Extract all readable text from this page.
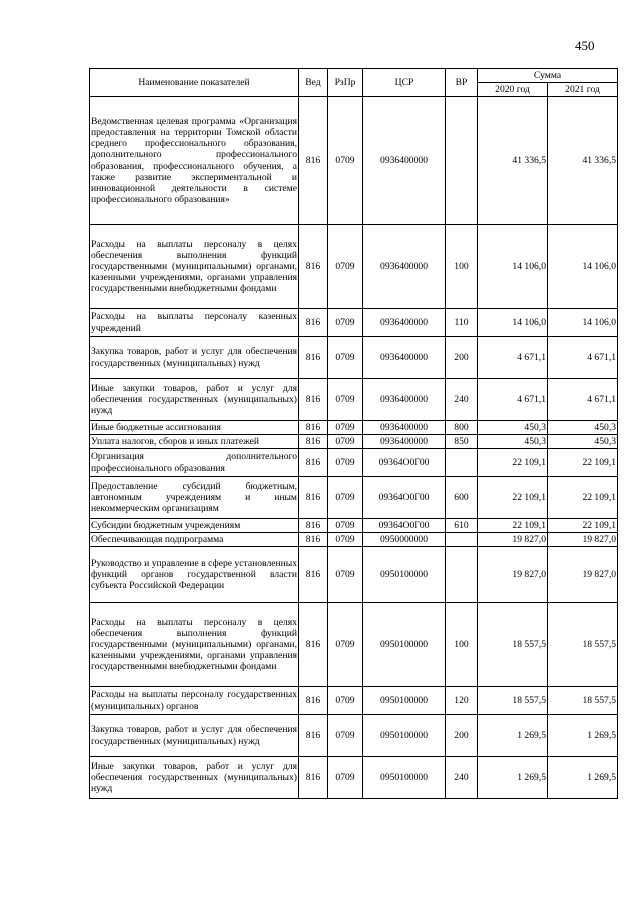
450
Наименование показателей	Вед	РзПр	ЦСР	ВР	Сумма	
					2020 год	2021 год
Ведомственная целевая программа «Организация предоставления на территории Томской области среднего профессионального образования, дополнительного профессионального образования, профессионального обучения, а также развитие экспериментальной и инновационной деятельности в системе профессионального образования»	816	0709	0936400000		41 336,5	41 336,5
Расходы на выплаты персоналу в целях обеспечения выполнения функций государственными (муниципальными) органами, казенными учреждениями, органами управления государственными внебюджетными фондами	816	0709	0936400000	100	14 106,0	14 106,0
Расходы на выплаты персоналу казенных учреждений	816	0709	0936400000	110	14 106,0	14 106,0
Закупка товаров, работ и услуг для обеспечения государственных (муниципальных) нужд	816	0709	0936400000	200	4 671,1	4 671,1
Иные закупки товаров, работ и услуг для обеспечения государственных (муниципальных) нужд	816	0709	0936400000	240	4 671,1	4 671,1
Иные бюджетные ассигнования	816	0709	0936400000	800	450,3	450,3
Уплата налогов, сборов и иных платежей	816	0709	0936400000	850	450,3	450,3
Организация дополнительного профессионального образования	816	0709	09364О0Г00		22 109,1	22 109,1
Предоставление субсидий бюджетным, автономным учреждениям и иным некоммерческим организациям	816	0709	09364О0Г00	600	22 109,1	22 109,1
Субсидии бюджетным учреждениям	816	0709	09364О0Г00	610	22 109,1	22 109,1
Обеспечивающая подпрограмма	816	0709	0950000000		19 827,0	19 827,0
Руководство и управление в сфере установленных функций органов государственной власти субъекта Российской Федерации	816	0709	0950100000		19 827,0	19 827,0
Расходы на выплаты персоналу в целях обеспечения выполнения функций государственными (муниципальными) органами, казенными учреждениями, органами управления государственными внебюджетными фондами	816	0709	0950100000	100	18 557,5	18 557,5
Расходы на выплаты персоналу государственных (муниципальных) органов	816	0709	0950100000	120	18 557,5	18 557,5
Закупка товаров, работ и услуг для обеспечения государственных (муниципальных) нужд	816	0709	0950100000	200	1 269,5	1 269,5
Иные закупки товаров, работ и услуг для обеспечения государственных (муниципальных) нужд	816	0709	0950100000	240	1 269,5	1 269,5
